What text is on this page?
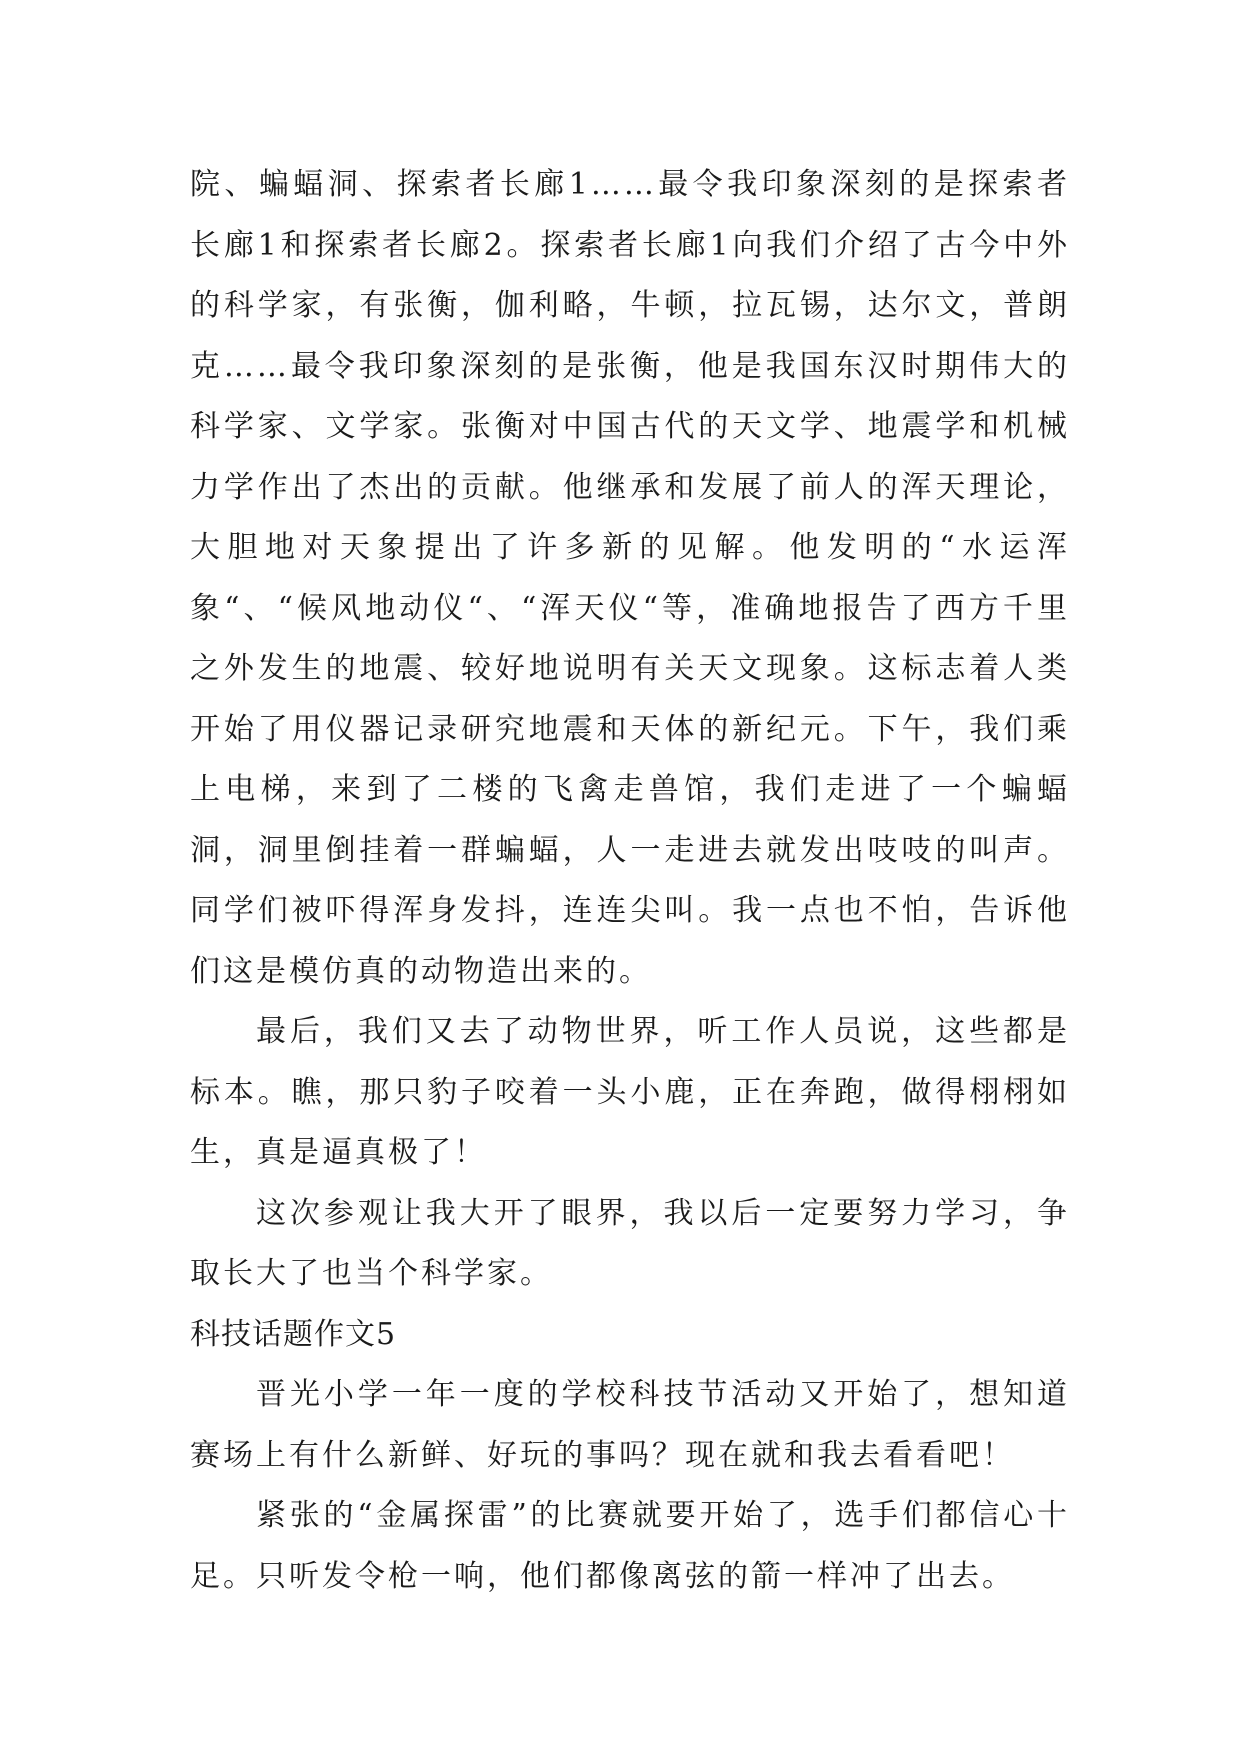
院、蝙蝠洞、探索者长廊1……最令我印象深刻的是探索者长廊1和探索者长廊2。探索者长廊1向我们介绍了古今中外的科学家，有张衡，伽利略，牛顿，拉瓦锡，达尔文，普朗克……最令我印象深刻的是张衡，他是我国东汉时期伟大的科学家、文学家。张衡对中国古代的天文学、地震学和机械力学作出了杰出的贡献。他继承和发展了前人的浑天理论，大胆地对天象提出了许多新的见解。他发明的“水运浑象“、“候风地动仪“、“浑天仪“等，准确地报告了西方千里之外发生的地震、较好地说明有关天文现象。这标志着人类开始了用仪器记录研究地震和天体的新纪元。下午，我们乘上电梯，来到了二楼的飞禽走兽馆，我们走进了一个蝙蝠洞，洞里倒挂着一群蝙蝠，人一走进去就发出吱吱的叫声。同学们被吓得浑身发抖，连连尖叫。我一点也不怕，告诉他们这是模仿真的动物造出来的。

最后，我们又去了动物世界，听工作人员说，这些都是标本。瞧，那只豹子咬着一头小鹿，正在奔跑，做得栩栩如生，真是逼真极了！

这次参观让我大开了眼界，我以后一定要努力学习，争取长大了也当个科学家。

科技话题作文5

晋光小学一年一度的学校科技节活动又开始了，想知道赛场上有什么新鲜、好玩的事吗？现在就和我去看看吧！

紧张的“金属探雷”的比赛就要开始了，选手们都信心十足。只听发令枪一响，他们都像离弦的箭一样冲了出去。
